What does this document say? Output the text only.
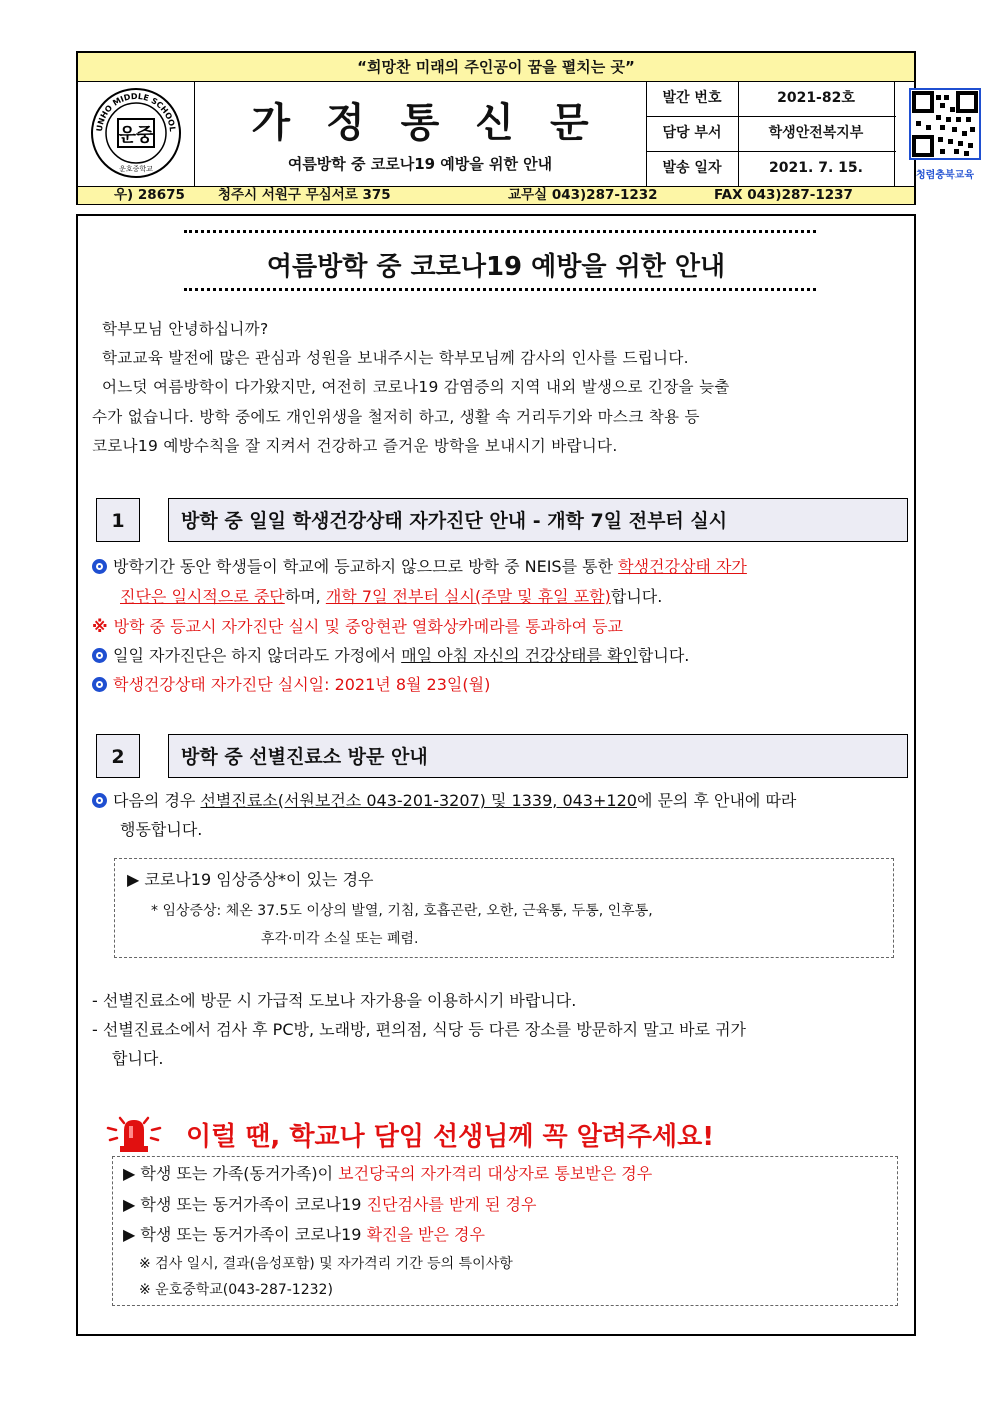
“희망찬 미래의 주인공이 꿈을 펼치는 곳”
UNHO MIDDLE SCHOOL
운중
운호중학교
가정통신문
여름방학 중 코로나19 예방을 위한 안내
발간 번호	2021-82호
담당 부서	학생안전복지부
발송 일자	2021. 7. 15.	청렴충북교육
우) 28675 청주시 서원구 무심서로 375	교무실 043)287-1232	FAX 043)287-1237
여름방학 중 코로나19 예방을 위한 안내
학부모님 안녕하십니까?
학교교육 발전에 많은 관심과 성원을 보내주시는 학부모님께 감사의 인사를 드립니다.
어느덧 여름방학이 다가왔지만, 여전히 코로나19 감염증의 지역 내외 발생으로 긴장을 늦출
수가 없습니다. 방학 중에도 개인위생을 철저히 하고, 생활 속 거리두기와 마스크 착용 등
코로나19 예방수칙을 잘 지켜서 건강하고 즐거운 방학을 보내시기 바랍니다.
1	방학 중 일일 학생건강상태 자가진단 안내 - 개학 7일 전부터 실시
방학기간 동안 학생들이 학교에 등교하지 않으므로 방학 중 NEIS를 통한 학생건강상태 자가
진단은 일시적으로 중단하며, 개학 7일 전부터 실시(주말 및 휴일 포함)합니다.
※ 방학 중 등교시 자가진단 실시 및 중앙현관 열화상카메라를 통과하여 등교
일일 자가진단은 하지 않더라도 가정에서 매일 아침 자신의 건강상태를 확인합니다.
학생건강상태 자가진단 실시일: 2021년 8월 23일(월)
2	방학 중 선별진료소 방문 안내
다음의 경우 선별진료소(서원보건소 043-201-3207) 및 1339, 043+120에 문의 후 안내에 따라
행동합니다.
▶ 코로나19 임상증상*이 있는 경우
* 임상증상: 체온 37.5도 이상의 발열, 기침, 호흡곤란, 오한, 근육통, 두통, 인후통,
후각·미각 소실 또는 폐렴.
- 선별진료소에 방문 시 가급적 도보나 자가용을 이용하시기 바랍니다.
- 선별진료소에서 검사 후 PC방, 노래방, 편의점, 식당 등 다른 장소를 방문하지 말고 바로 귀가
합니다.
이럴 땐, 학교나 담임 선생님께 꼭 알려주세요!
▶ 학생 또는 가족(동거가족)이 보건당국의 자가격리 대상자로 통보받은 경우
▶ 학생 또는 동거가족이 코로나19 진단검사를 받게 된 경우
▶ 학생 또는 동거가족이 코로나19 확진을 받은 경우
※ 검사 일시, 결과(음성포함) 및 자가격리 기간 등의 특이사항
※ 운호중학교(043-287-1232)
